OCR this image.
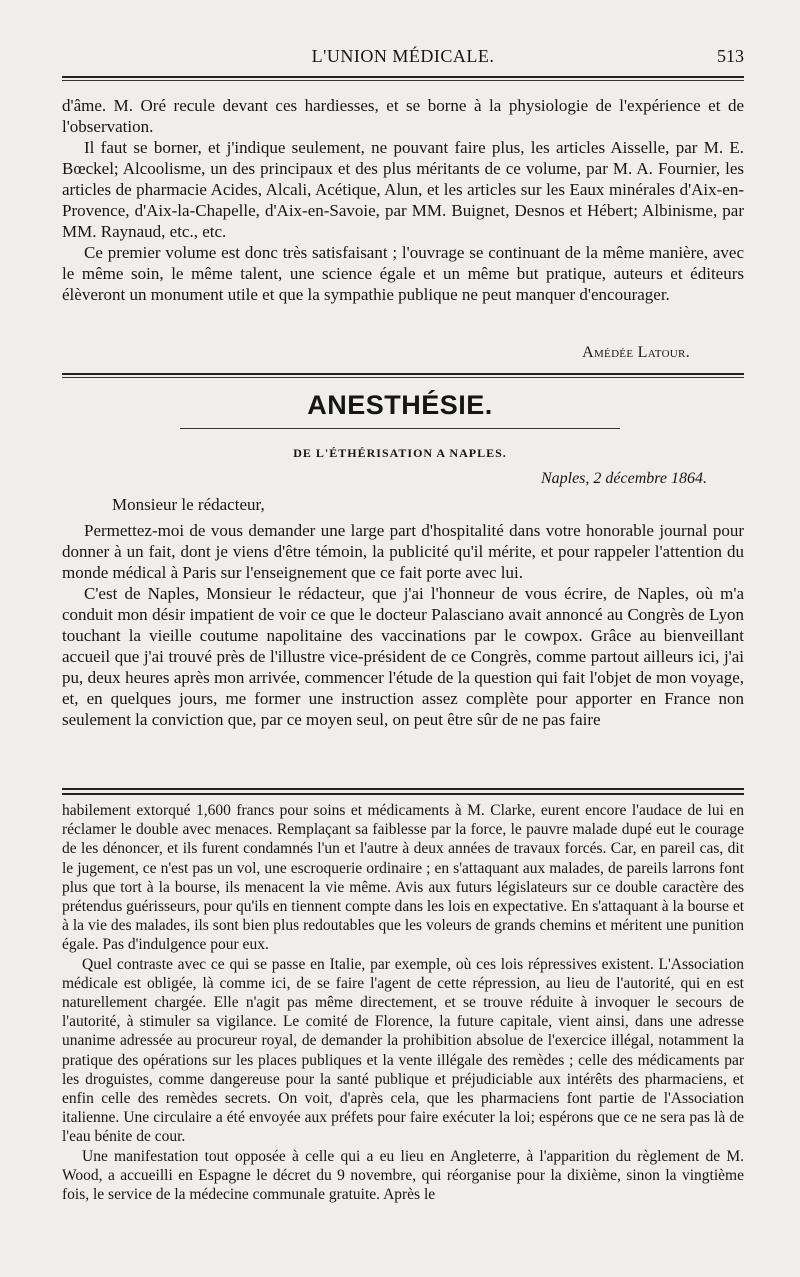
L'UNION MÉDICALE.	513

d'âme. M. Oré recule devant ces hardiesses, et se borne à la physiologie de l'expérience et de l'observation.

Il faut se borner, et j'indique seulement, ne pouvant faire plus, les articles Aisselle, par M. E. Bœckel; Alcoolisme, un des principaux et des plus méritants de ce volume, par M. A. Fournier, les articles de pharmacie Acides, Alcali, Acétique, Alun, et les articles sur les Eaux minérales d'Aix-en-Provence, d'Aix-la-Chapelle, d'Aix-en-Savoie, par MM. Buignet, Desnos et Hébert; Albinisme, par MM. Raynaud, etc., etc.

Ce premier volume est donc très satisfaisant ; l'ouvrage se continuant de la même manière, avec le même soin, le même talent, une science égale et un même but pratique, auteurs et éditeurs élèveront un monument utile et que la sympathie publique ne peut manquer d'encourager.

Amédée Latour.
ANESTHÉSIE.
DE L'ÉTHÉRISATION A NAPLES.
Naples, 2 décembre 1864.
Monsieur le rédacteur,

Permettez-moi de vous demander une large part d'hospitalité dans votre honorable journal pour donner à un fait, dont je viens d'être témoin, la publicité qu'il mérite, et pour rappeler l'attention du monde médical à Paris sur l'enseignement que ce fait porte avec lui.

C'est de Naples, Monsieur le rédacteur, que j'ai l'honneur de vous écrire, de Naples, où m'a conduit mon désir impatient de voir ce que le docteur Palasciano avait annoncé au Congrès de Lyon touchant la vieille coutume napolitaine des vaccinations par le cowpox. Grâce au bienveillant accueil que j'ai trouvé près de l'illustre vice-président de ce Congrès, comme partout ailleurs ici, j'ai pu, deux heures après mon arrivée, commencer l'étude de la question qui fait l'objet de mon voyage, et, en quelques jours, me former une instruction assez complète pour apporter en France non seulement la conviction que, par ce moyen seul, on peut être sûr de ne pas faire

habilement extorqué 1,600 francs pour soins et médicaments à M. Clarke, eurent encore l'audace de lui en réclamer le double avec menaces. Remplaçant sa faiblesse par la force, le pauvre malade dupé eut le courage de les dénoncer, et ils furent condamnés l'un et l'autre à deux années de travaux forcés. Car, en pareil cas, dit le jugement, ce n'est pas un vol, une escroquerie ordinaire ; en s'attaquant aux malades, de pareils larrons font plus que tort à la bourse, ils menacent la vie même. Avis aux futurs législateurs sur ce double caractère des prétendus guérisseurs, pour qu'ils en tiennent compte dans les lois en expectative. En s'attaquant à la bourse et à la vie des malades, ils sont bien plus redoutables que les voleurs de grands chemins et méritent une punition égale. Pas d'indulgence pour eux.

Quel contraste avec ce qui se passe en Italie, par exemple, où ces lois répressives existent. L'Association médicale est obligée, là comme ici, de se faire l'agent de cette répression, au lieu de l'autorité, qui en est naturellement chargée. Elle n'agit pas même directement, et se trouve réduite à invoquer le secours de l'autorité, à stimuler sa vigilance. Le comité de Florence, la future capitale, vient ainsi, dans une adresse unanime adressée au procureur royal, de demander la prohibition absolue de l'exercice illégal, notamment la pratique des opérations sur les places publiques et la vente illégale des remèdes ; celle des médicaments par les droguistes, comme dangereuse pour la santé publique et préjudiciable aux intérêts des pharmaciens, et enfin celle des remèdes secrets. On voit, d'après cela, que les pharmaciens font partie de l'Association italienne. Une circulaire a été envoyée aux préfets pour faire exécuter la loi; espérons que ce ne sera pas là de l'eau bénite de cour.

Une manifestation tout opposée à celle qui a eu lieu en Angleterre, à l'apparition du règlement de M. Wood, a accueilli en Espagne le décret du 9 novembre, qui réorganise pour la dixième, sinon la vingtième fois, le service de la médecine communale gratuite. Après le
